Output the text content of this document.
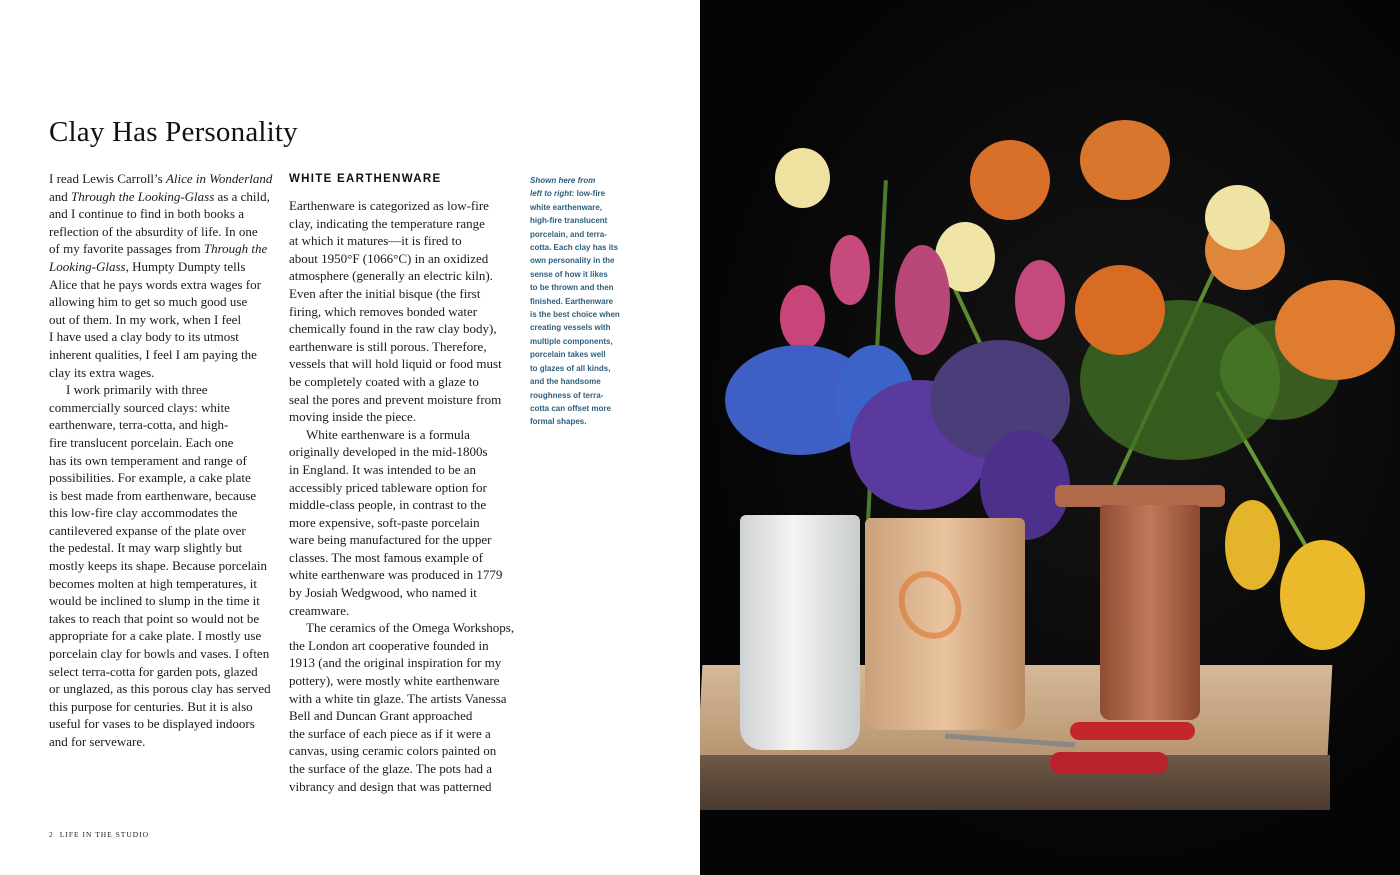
Clay Has Personality
I read Lewis Carroll’s Alice in Wonderland
and Through the Looking-Glass as a child,
and I continue to find in both books a
reflection of the absurdity of life. In one
of my favorite passages from Through the
Looking-Glass, Humpty Dumpty tells
Alice that he pays words extra wages for
allowing him to get so much good use
out of them. In my work, when I feel
I have used a clay body to its utmost
inherent qualities, I feel I am paying the
clay its extra wages.
I work primarily with three
commercially sourced clays: white
earthenware, terra-cotta, and high-
fire translucent porcelain. Each one
has its own temperament and range of
possibilities. For example, a cake plate
is best made from earthenware, because
this low-fire clay accommodates the
cantilevered expanse of the plate over
the pedestal. It may warp slightly but
mostly keeps its shape. Because porcelain
becomes molten at high temperatures, it
would be inclined to slump in the time it
takes to reach that point so would not be
appropriate for a cake plate. I mostly use
porcelain clay for bowls and vases. I often
select terra-cotta for garden pots, glazed
or unglazed, as this porous clay has served
this purpose for centuries. But it is also
useful for vases to be displayed indoors
and for serveware.
WHITE EARTHENWARE
Earthenware is categorized as low-fire
clay, indicating the temperature range
at which it matures—it is fired to
about 1950°F (1066°C) in an oxidized
atmosphere (generally an electric kiln).
Even after the initial bisque (the first
firing, which removes bonded water
chemically found in the raw clay body),
earthenware is still porous. Therefore,
vessels that will hold liquid or food must
be completely coated with a glaze to
seal the pores and prevent moisture from
moving inside the piece.
White earthenware is a formula
originally developed in the mid-1800s
in England. It was intended to be an
accessibly priced tableware option for
middle-class people, in contrast to the
more expensive, soft-paste porcelain
ware being manufactured for the upper
classes. The most famous example of
white earthenware was produced in 1779
by Josiah Wedgwood, who named it
creamware.
The ceramics of the Omega Workshops,
the London art cooperative founded in
1913 (and the original inspiration for my
pottery), were mostly white earthenware
with a white tin glaze. The artists Vanessa
Bell and Duncan Grant approached
the surface of each piece as if it were a
canvas, using ceramic colors painted on
the surface of the glaze. The pots had a
vibrancy and design that was patterned
Shown here from
left to right: low-fire
white earthenware,
high-fire translucent
porcelain, and terra-
cotta. Each clay has its
own personality in the
sense of how it likes
to be thrown and then
finished. Earthenware
is the best choice when
creating vessels with
multiple components,
porcelain takes well
to glazes of all kinds,
and the handsome
roughness of terra-
cotta can offset more
formal shapes.
2 LIFE IN THE STUDIO
